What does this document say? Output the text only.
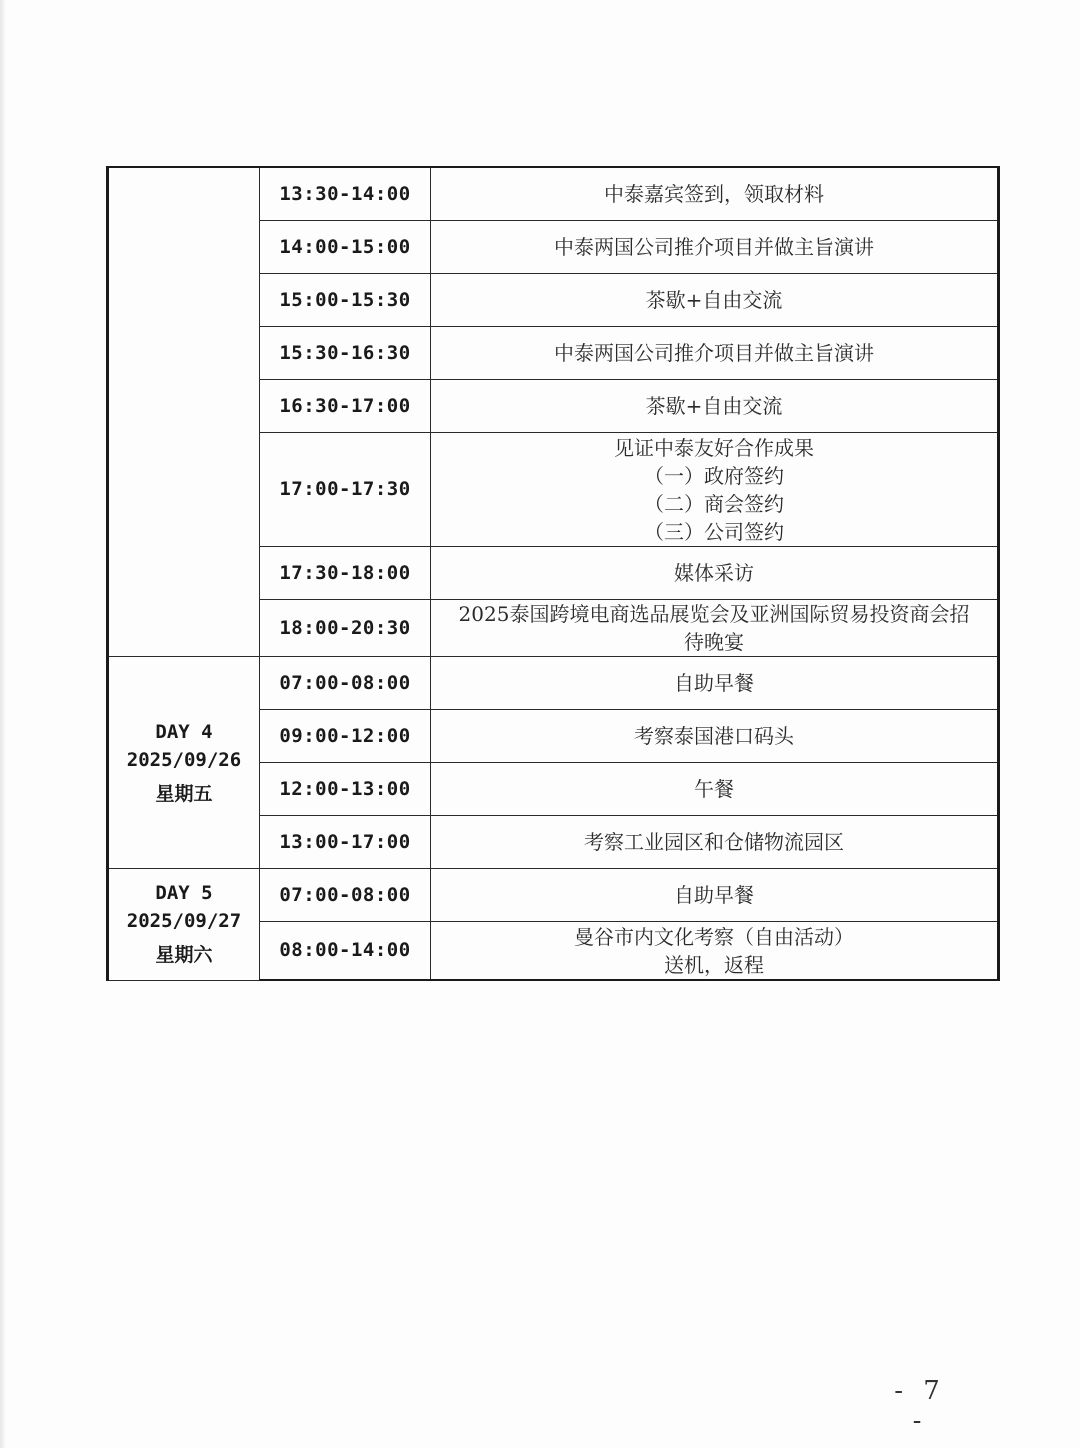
	13:30-14:00	中泰嘉宾签到，领取材料

	14:00-15:00	中泰两国公司推介项目并做主旨演讲

	15:00-15:30	茶歇+自由交流

	15:30-16:30	中泰两国公司推介项目并做主旨演讲

	16:30-17:00	茶歇+自由交流

	17:00-17:30	见证中泰友好合作成果
（一）政府签约
（二）商会签约
（三）公司签约

	17:30-18:00	媒体采访

	18:00-20:30	2025泰国跨境电商选品展览会及亚洲国际贸易投资商会招
待晚宴

DAY 4
2025/09/26
星期五	07:00-08:00	自助早餐

	09:00-12:00	考察泰国港口码头

	12:00-13:00	午餐

	13:00-17:00	考察工业园区和仓储物流园区

DAY 5
2025/09/27
星期六	07:00-08:00	自助早餐

	08:00-14:00	曼谷市内文化考察（自由活动）
送机，返程
- 7 -
